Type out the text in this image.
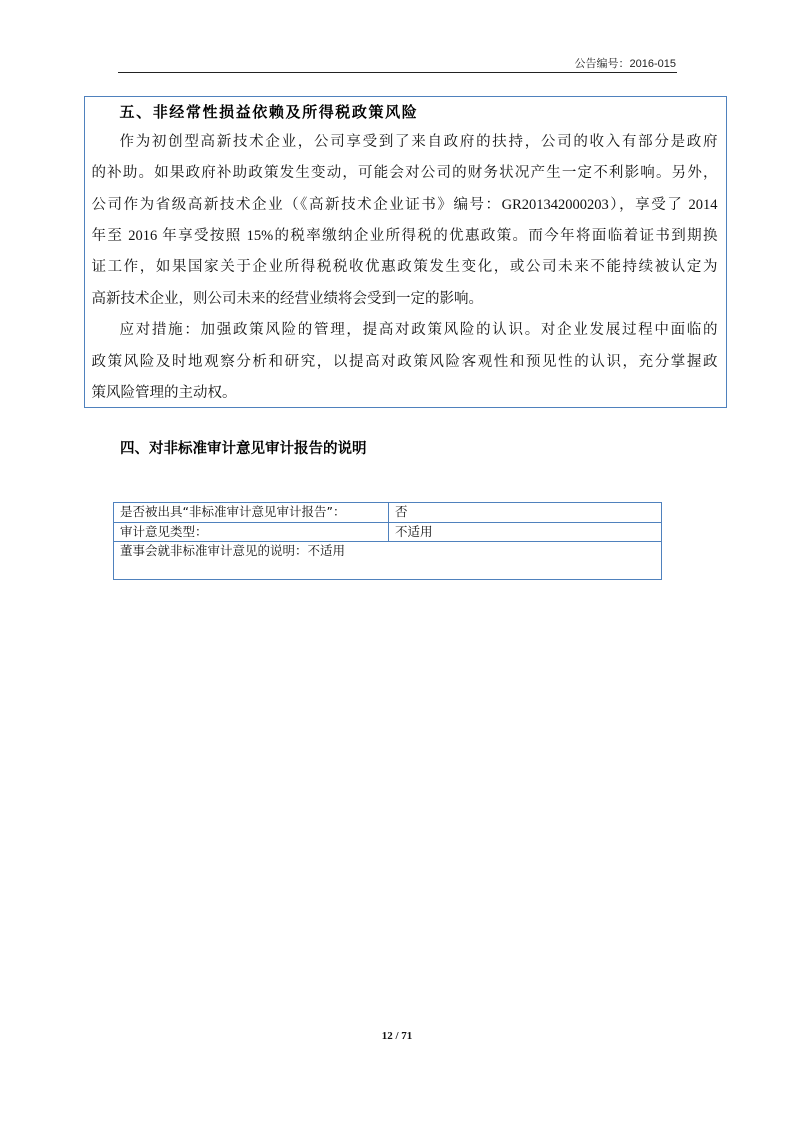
公告编号：2016-015
五、非经常性损益依赖及所得税政策风险

作为初创型高新技术企业，公司享受到了来自政府的扶持，公司的收入有部分是政府
的补助。如果政府补助政策发生变动，可能会对公司的财务状况产生一定不利影响。另外，
公司作为省级高新技术企业（《高新技术企业证书》编号：GR201342000203），享受了 2014
年至 2016 年享受按照 15%的税率缴纳企业所得税的优惠政策。而今年将面临着证书到期换
证工作，如果国家关于企业所得税税收优惠政策发生变化，或公司未来不能持续被认定为
高新技术企业，则公司未来的经营业绩将会受到一定的影响。

应对措施：加强政策风险的管理，提高对政策风险的认识。对企业发展过程中面临的
政策风险及时地观察分析和研究，以提高对政策风险客观性和预见性的认识，充分掌握政
策风险管理的主动权。

四、对非标准审计意见审计报告的说明
是否被出具“非标准审计意见审计报告”：	否
审计意见类型：	不适用
董事会就非标准审计意见的说明：不适用	
12 / 71
